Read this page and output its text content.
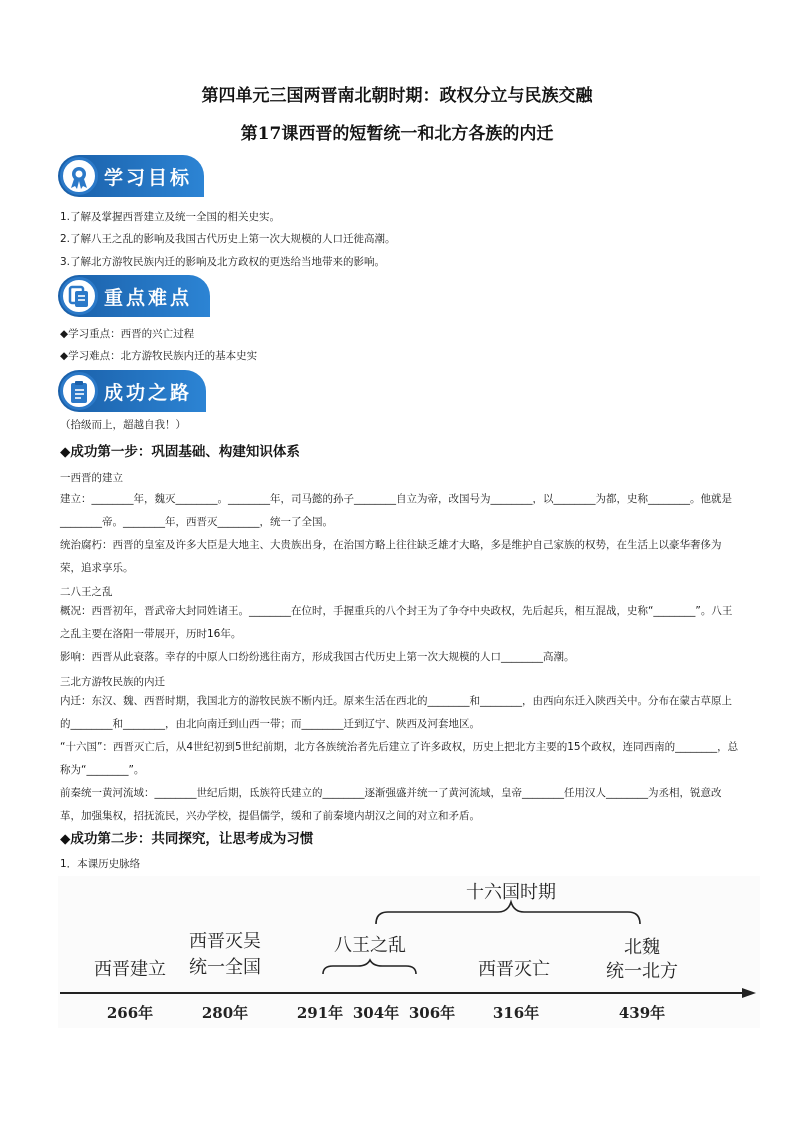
第四单元三国两晋南北朝时期：政权分立与民族交融
第17课西晋的短暂统一和北方各族的内迁
学习目标
1.了解及掌握西晋建立及统一全国的相关史实。
2.了解八王之乱的影响及我国古代历史上第一次大规模的人口迁徙高潮。
3.了解北方游牧民族内迁的影响及北方政权的更迭给当地带来的影响。
重点难点
◆学习重点：西晋的兴亡过程
◆学习难点：北方游牧民族内迁的基本史实
成功之路
（拾级而上，超越自我！）
◆成功第一步：巩固基础、构建知识体系
一西晋的建立
建立：________年，魏灭________。________年，司马懿的孙子________自立为帝，改国号为________，以________为都，史称________。他就是________帝。________年，西晋灭________，统一了全国。
统治腐朽：西晋的皇室及许多大臣是大地主、大贵族出身，在治国方略上往往缺乏雄才大略，多是维护自己家族的权势，在生活上以豪华奢侈为荣，追求享乐。
二八王之乱
概况：西晋初年，晋武帝大封同姓诸王。________在位时，手握重兵的八个封王为了争夺中央政权，先后起兵，相互混战，史称“________”。八王之乱主要在洛阳一带展开，历时16年。
影响：西晋从此衰落。幸存的中原人口纷纷逃往南方，形成我国古代历史上第一次大规模的人口________高潮。
三北方游牧民族的内迁
内迁：东汉、魏、西晋时期，我国北方的游牧民族不断内迁。原来生活在西北的________和________，由西向东迁入陕西关中。分布在蒙古草原上的________和________，由北向南迁到山西一带；而________迁到辽宁、陕西及河套地区。
“十六国”：西晋灭亡后，从4世纪初到5世纪前期，北方各族统治者先后建立了许多政权，历史上把北方主要的15个政权，连同西南的________，总称为“________”。
前秦统一黄河流域：________世纪后期，氐族符氏建立的________逐渐强盛并统一了黄河流域，皇帝________任用汉人________为丞相，锐意改革，加强集权，招抚流民，兴办学校，提倡儒学，缓和了前秦境内胡汉之间的对立和矛盾。
◆成功第二步：共同探究，让思考成为习惯
1．本课历史脉络
十六国时期
八王之乱
西晋建立
西晋灭吴
统一全国	西晋灭亡
北魏
统一北方
266年	280年	291年 304年 306年	316年	439年
